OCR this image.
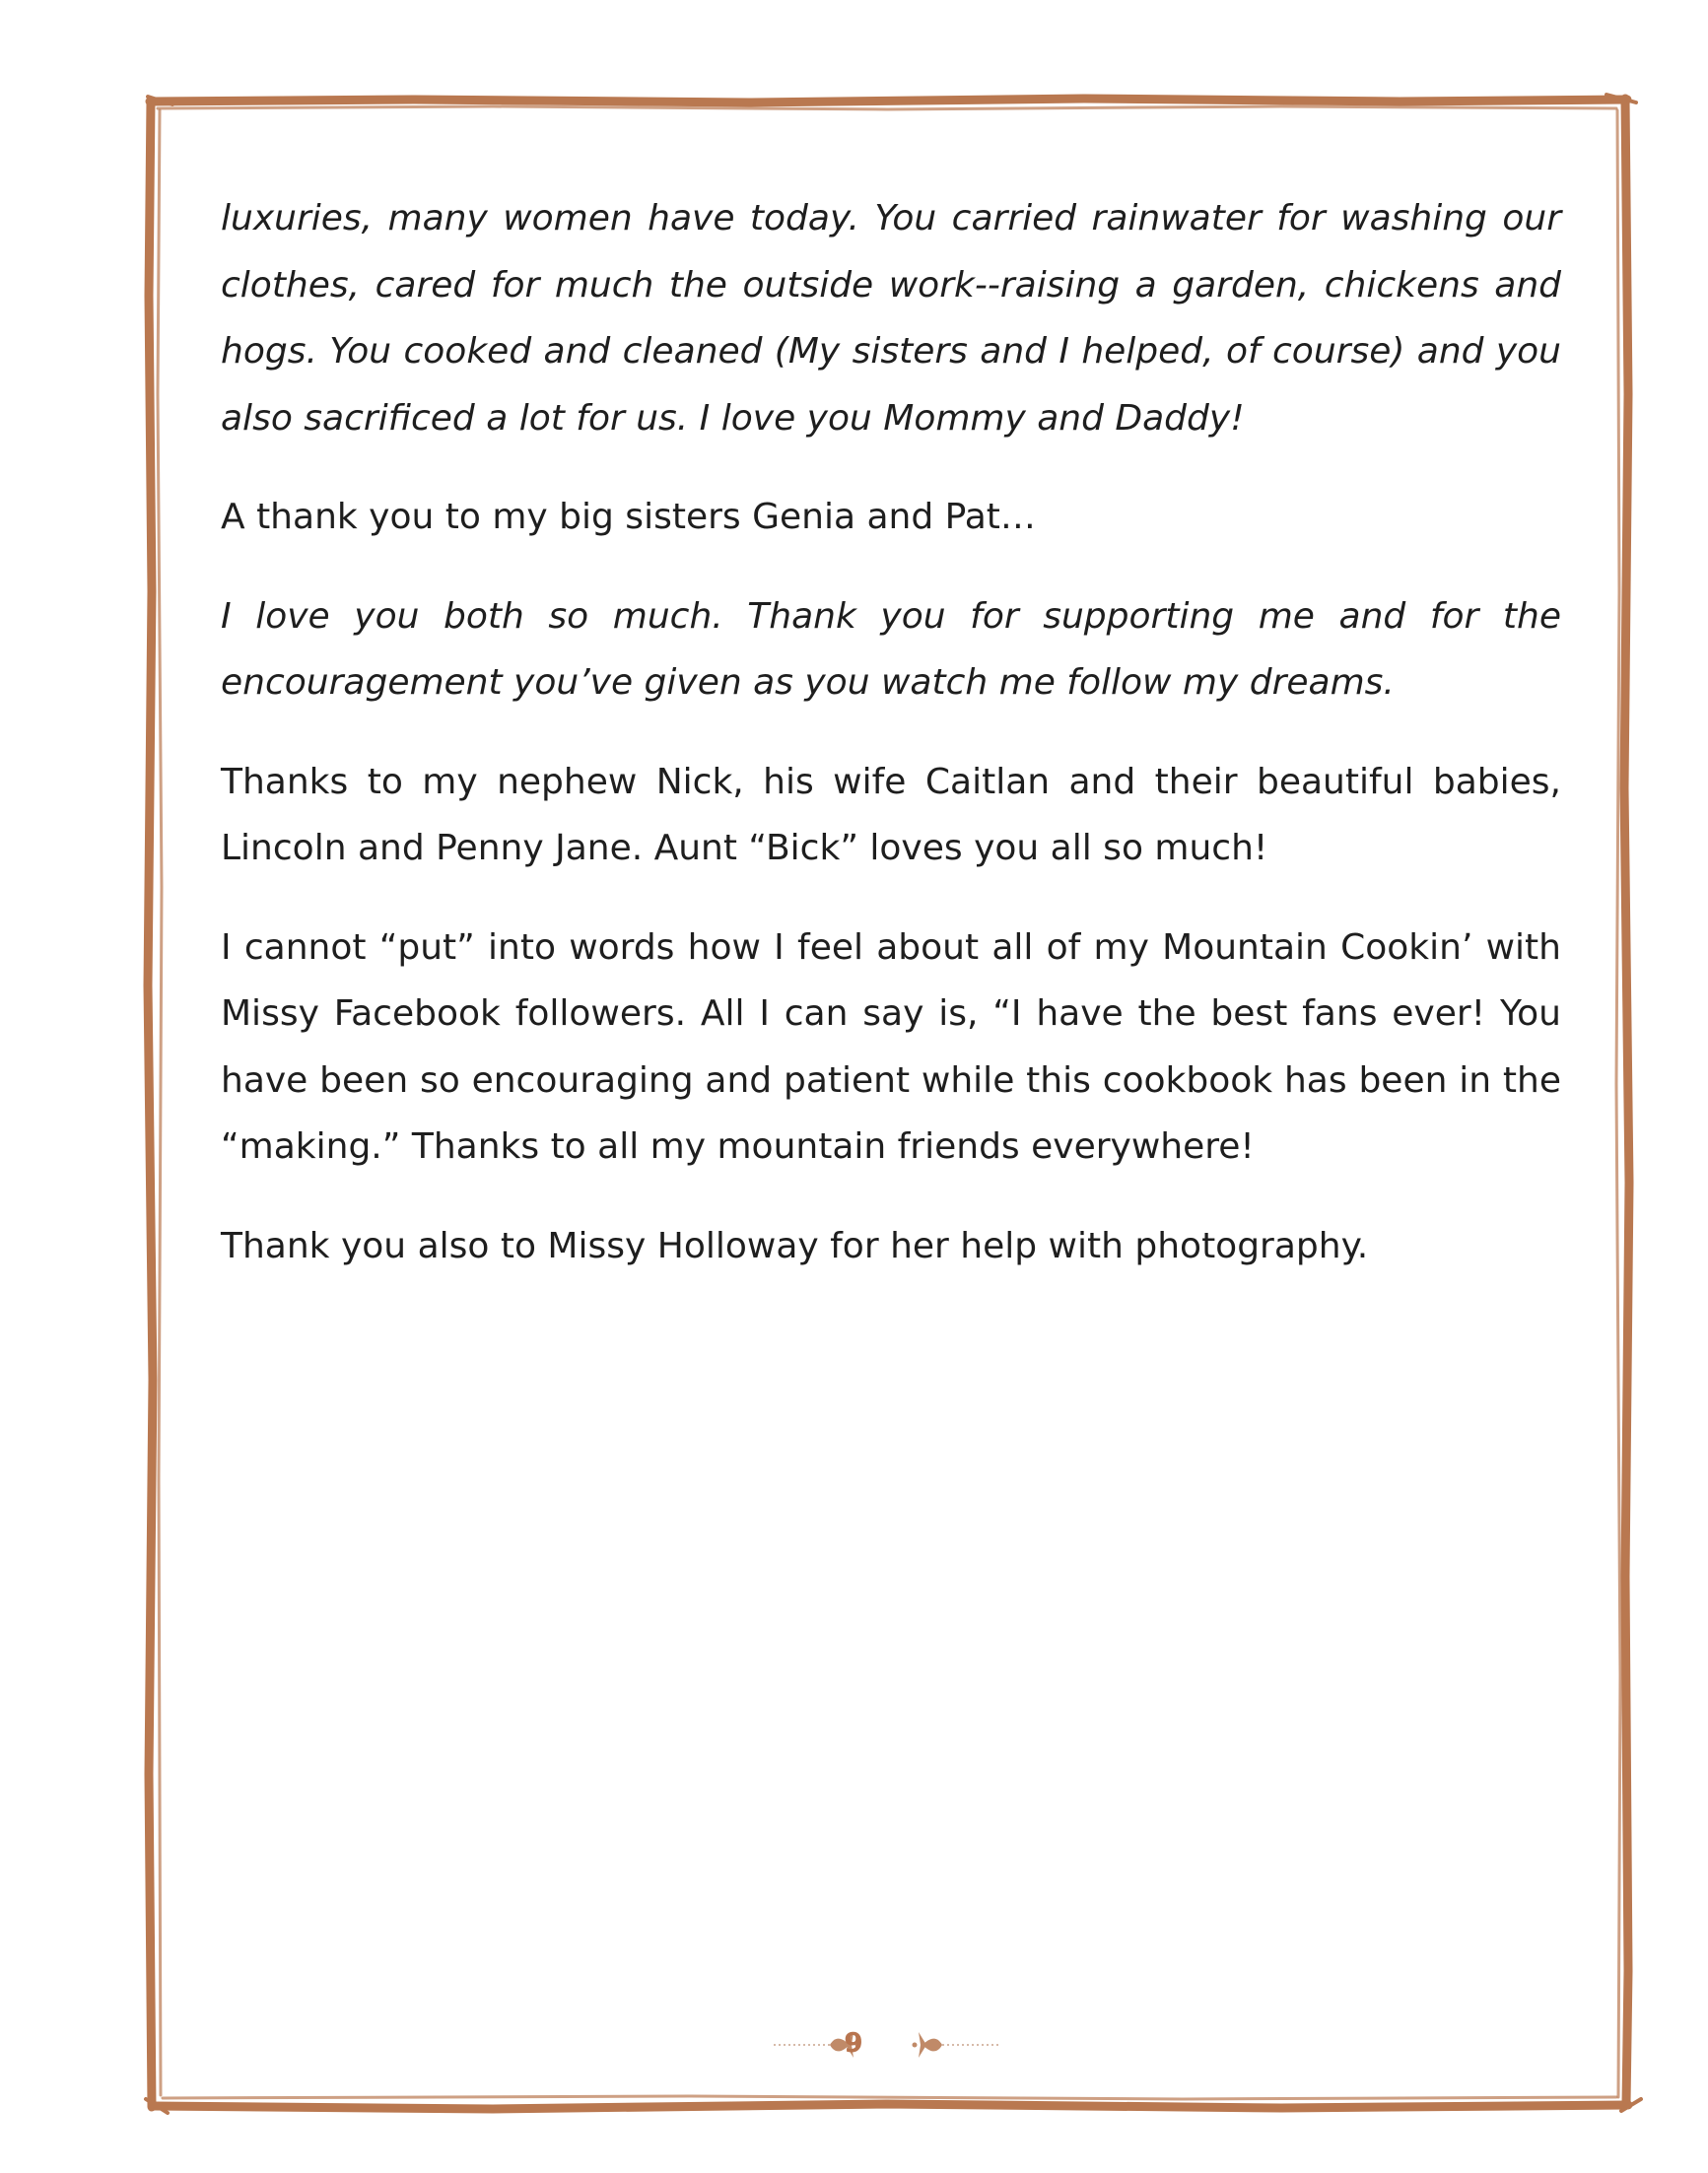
luxuries, many women have today. You carried rainwater for washing our clothes, cared for much the outside work--raising a garden, chickens and hogs. You cooked and cleaned (My sisters and I helped, of course) and you also sacrificed a lot for us. I love you Mommy and Daddy!

A thank you to my big sisters Genia and Pat…

I love you both so much. Thank you for supporting me and for the encouragement you’ve given as you watch me follow my dreams.

Thanks to my nephew Nick, his wife Caitlan and their beautiful babies, Lincoln and Penny Jane. Aunt “Bick” loves you all so much!

I cannot “put” into words how I feel about all of my Mountain Cookin’ with Missy Facebook followers. All I can say is, “I have the best fans ever! You have been so encouraging and patient while this cookbook has been in the “making.” Thanks to all my mountain friends everywhere!

Thank you also to Missy Holloway for her help with photography.

9
